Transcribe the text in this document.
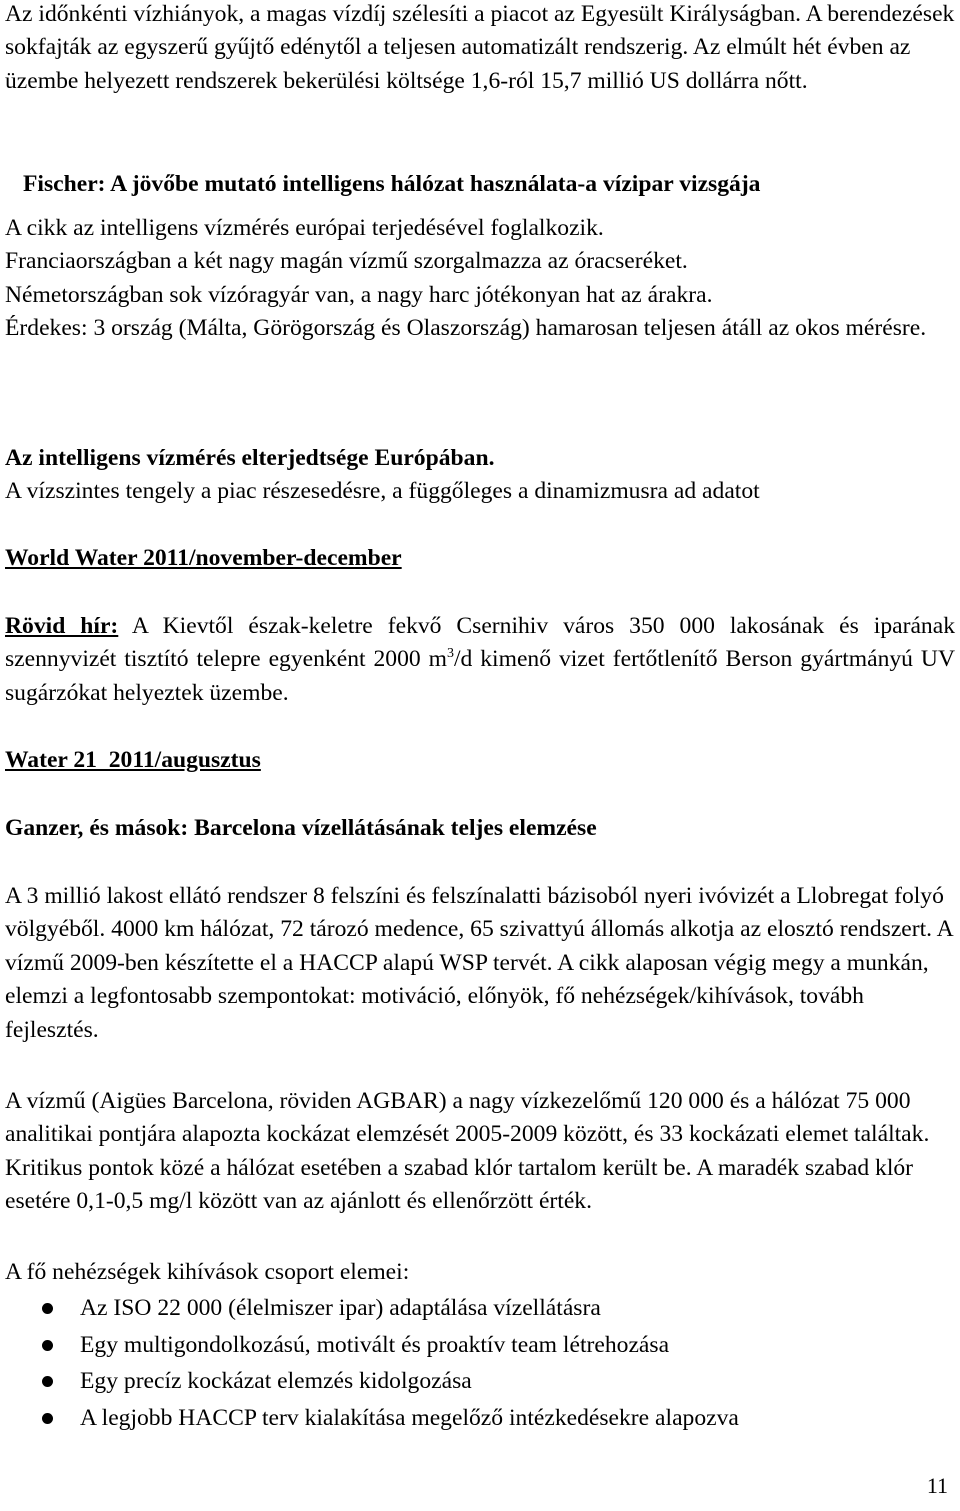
Az időnkénti vízhiányok, a magas vízdíj szélesíti a piacot az Egyesült Királyságban. A berendezések sokfajták az egyszerű gyűjtő edénytől a teljesen automatizált rendszerig. Az elmúlt hét évben az üzembe helyezett rendszerek bekerülési költsége 1,6-ról 15,7 millió US dollárra nőtt.

Fischer: A jövőbe mutató intelligens hálózat használata-a vízipar vizsgája

A cikk az intelligens vízmérés európai terjedésével foglalkozik.
Franciaországban a két nagy magán vízmű szorgalmazza az óracseréket.
Németországban sok vízóragyár van, a nagy harc jótékonyan hat az árakra.
Érdekes: 3 ország (Málta, Görögország és Olaszország) hamarosan teljesen átáll az okos mérésre.

Az intelligens vízmérés elterjedtsége Európában.
A vízszintes tengely a piac részesedésre, a függőleges a dinamizmusra ad adatot

World Water 2011/november-december

Rövid hír: A Kievtől észak-keletre fekvő Csernihiv város 350 000 lakosának és iparának szennyvizét tisztító telepre egyenként 2000 $m^3/d$ kimenő vizet fertőtlenítő Berson gyártmányú UV sugárzókat helyeztek üzembe.

Water 21  2011/augusztus

Ganzer, és mások: Barcelona vízellátásának teljes elemzése

A 3 millió lakost ellátó rendszer 8 felszíni és felszínalatti bázisoból nyeri ivóvizét a Llobregat folyó völgyéből. 4000 km hálózat, 72 tározó medence, 65 szivattyú állomás alkotja az elosztó rendszert. A vízmű 2009-ben készítette el a HACCP alapú WSP tervét. A cikk alaposan végig megy a munkán, elemzi a legfontosabb szempontokat: motiváció, előnyök, fő nehézségek/kihívások, továbh fejlesztés.

A vízmű (Aigües Barcelona, röviden AGBAR) a nagy vízkezelőmű 120 000 és a hálózat 75 000 analitikai pontjára alapozta kockázat elemzését 2005-2009 között, és 33 kockázati elemet találtak. Kritikus pontok közé a hálózat esetében a szabad klór tartalom került be. A maradék szabad klór esetére 0,1-0,5 mg/l között van az ajánlott és ellenőrzött érték.

A fő nehézségek kihívások csoport elemei:

Az ISO 22 000 (élelmiszer ipar) adaptálása vízellátásra
Egy multigondolkozású, motivált és proaktív team létrehozása
Egy precíz kockázat elemzés kidolgozása
A legjobb HACCP terv kialakítása megelőző intézkedésekre alapozva
11
